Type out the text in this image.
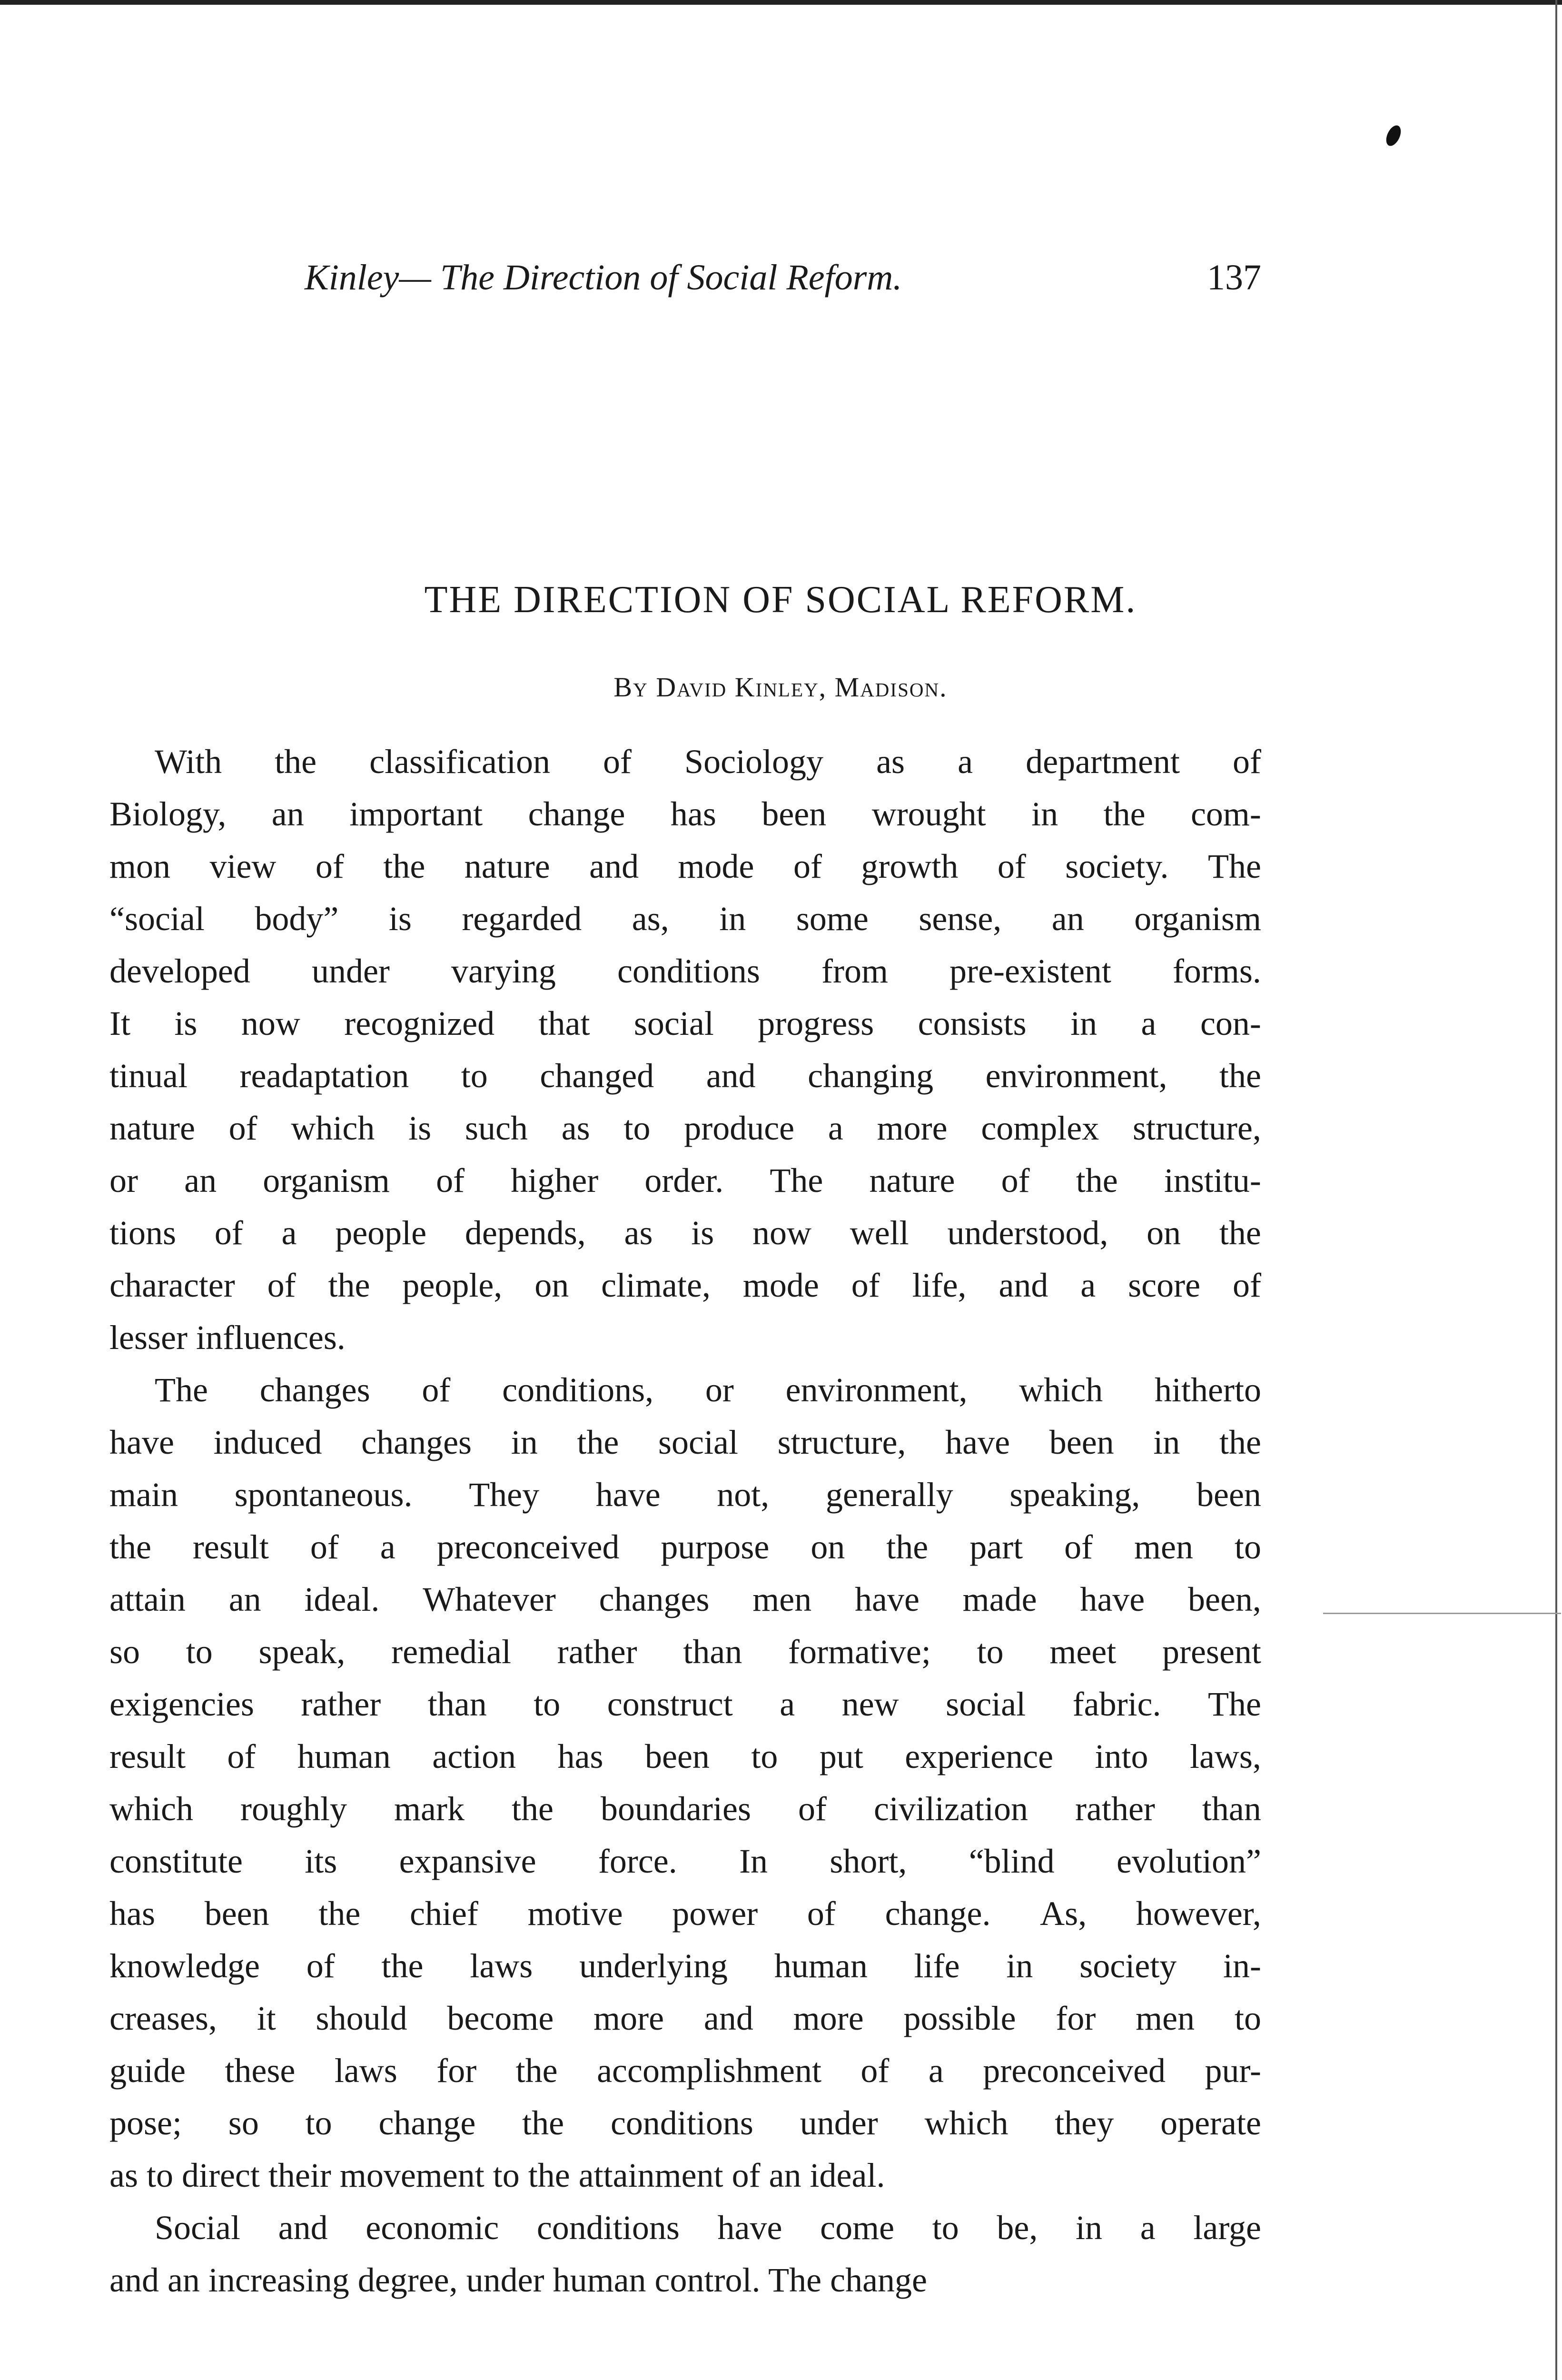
Kinley— The Direction of Social Reform.	137
THE DIRECTION OF SOCIAL REFORM.
By David Kinley, Madison.
With the classification of Sociology as a department of
Biology, an important change has been wrought in the com-
mon view of the nature and mode of growth of society. The
“social body” is regarded as, in some sense, an organism
developed under varying conditions from pre-existent forms.
It is now recognized that social progress consists in a con-
tinual readaptation to changed and changing environment, the
nature of which is such as to produce a more complex structure,
or an organism of higher order. The nature of the institu-
tions of a people depends, as is now well understood, on the
character of the people, on climate, mode of life, and a score of
lesser influences.
The changes of conditions, or environment, which hitherto
have induced changes in the social structure, have been in the
main spontaneous. They have not, generally speaking, been
the result of a preconceived purpose on the part of men to
attain an ideal. Whatever changes men have made have been,
so to speak, remedial rather than formative; to meet present
exigencies rather than to construct a new social fabric. The
result of human action has been to put experience into laws,
which roughly mark the boundaries of civilization rather than
constitute its expansive force. In short, “blind evolution”
has been the chief motive power of change. As, however,
knowledge of the laws underlying human life in society in-
creases, it should become more and more possible for men to
guide these laws for the accomplishment of a preconceived pur-
pose; so to change the conditions under which they operate
as to direct their movement to the attainment of an ideal.
Social and economic conditions have come to be, in a large
and an increasing degree, under human control. The change
